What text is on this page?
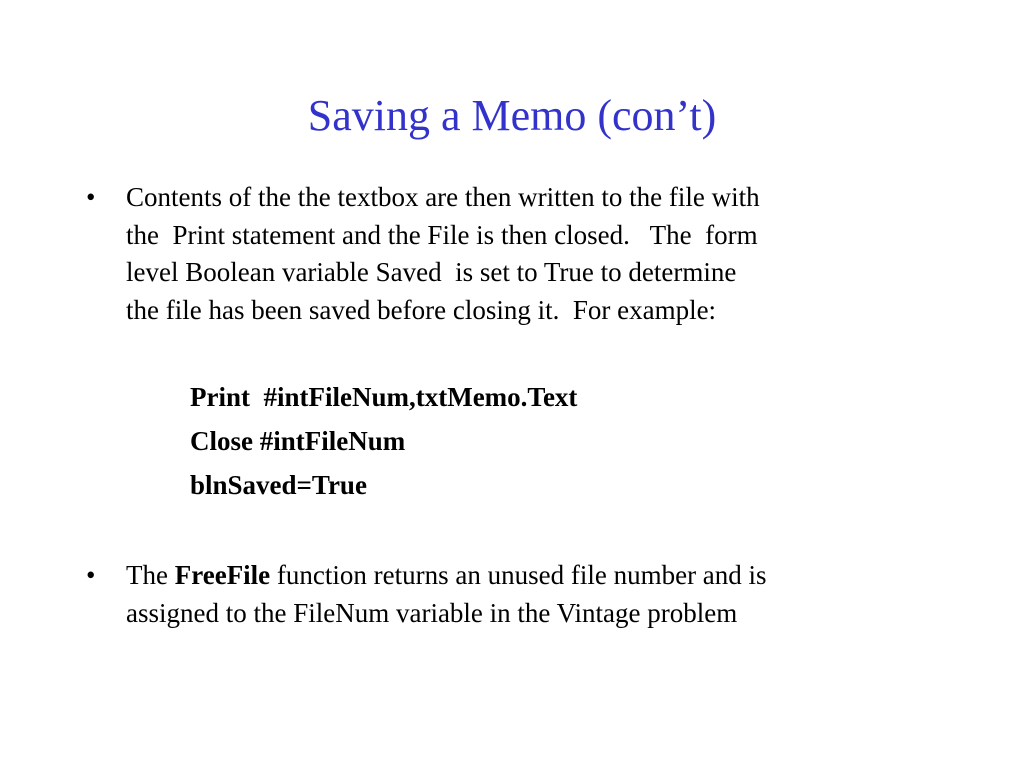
Saving a Memo (con’t)
•	Contents of the the textbox are then written to the file with
the  Print statement and the File is then closed.   The  form
level Boolean variable Saved  is set to True to determine
the file has been saved before closing it.  For example:
Print  #intFileNum,txtMemo.Text
Close #intFileNum
blnSaved=True
•	The FreeFile function returns an unused file number and is
assigned to the FileNum variable in the Vintage problem
